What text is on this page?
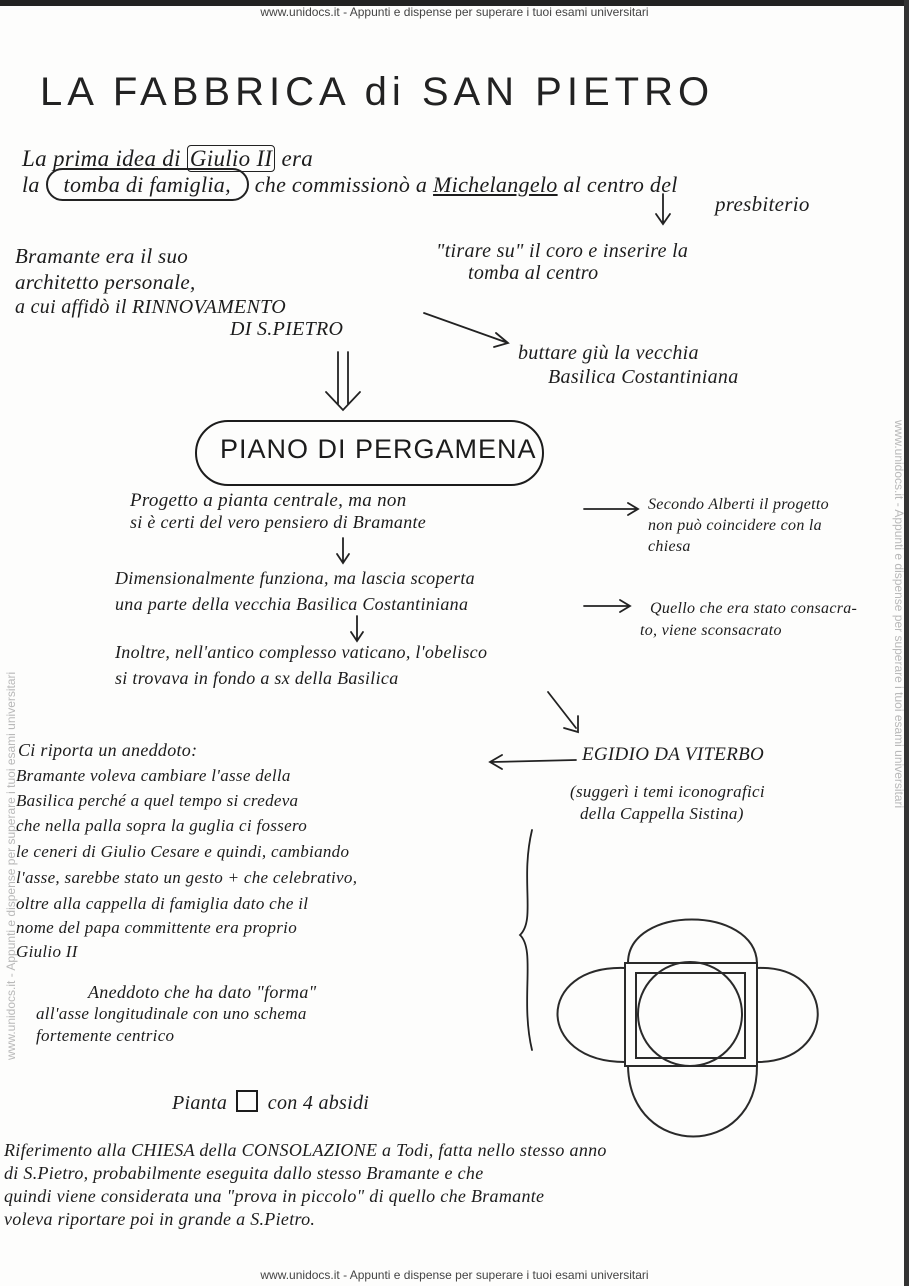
www.unidocs.it - Appunti e dispense per superare i tuoi esami universitari
www.unidocs.it - Appunti e dispense per superare i tuoi esami universitari
www.unidocs.it - Appunti e dispense per superare i tuoi esami universitari
www.unidocs.it - Appunti e dispense per superare i tuoi esami universitari
LA FABBRICA di SAN PIETRO
La prima idea di Giulio II era
la tomba di famiglia, che commissionò a Michelangelo al centro del
presbiterio
"tirare su" il coro e inserire la
tomba al centro
Bramante era il suo
architetto personale,
a cui affidò il RINNOVAMENTO
DI S.PIETRO
buttare giù la vecchia
Basilica Costantiniana
PIANO DI PERGAMENA
Progetto a pianta centrale, ma non
si è certi del vero pensiero di Bramante
Secondo Alberti il progetto
non può coincidere con la
chiesa
Dimensionalmente funziona, ma lascia scoperta
una parte della vecchia Basilica Costantiniana	Quello che era stato consacra-
to, viene sconsacrato
Inoltre, nell'antico complesso vaticano, l'obelisco
si trovava in fondo a sx della Basilica
EGIDIO DA VITERBO
(suggerì i temi iconografici
della Cappella Sistina)
Ci riporta un aneddoto:
Bramante voleva cambiare l'asse della
Basilica perché a quel tempo si credeva
che nella palla sopra la guglia ci fossero
le ceneri di Giulio Cesare e quindi, cambiando
l'asse, sarebbe stato un gesto + che celebrativo,
oltre alla cappella di famiglia dato che il
nome del papa committente era proprio
Giulio II
Aneddoto che ha dato "forma"
all'asse longitudinale con uno schema
fortemente centrico
Pianta con 4 absidi
Riferimento alla CHIESA della CONSOLAZIONE a Todi, fatta nello stesso anno
di S.Pietro, probabilmente eseguita dallo stesso Bramante e che
quindi viene considerata una "prova in piccolo" di quello che Bramante
voleva riportare poi in grande a S.Pietro.
